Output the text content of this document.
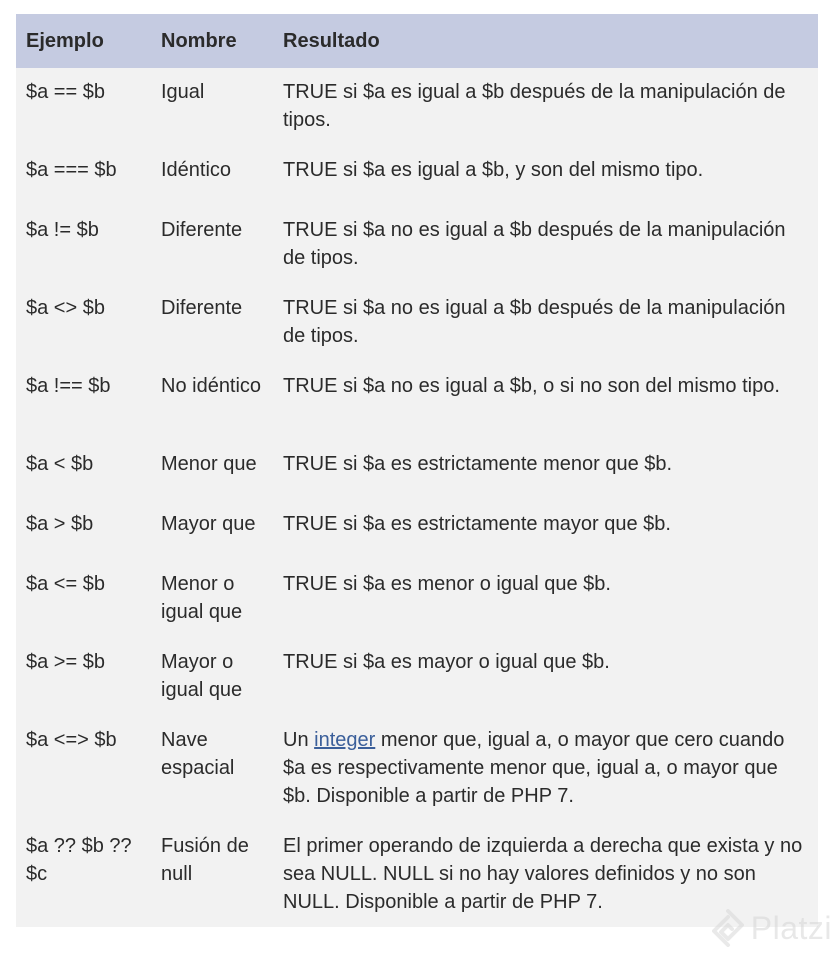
Ejemplo	Nombre	Resultado
$a == $b	Igual	TRUE si $a es igual a $b después de la manipulación de tipos.
$a === $b	Idéntico	TRUE si $a es igual a $b, y son del mismo tipo.
$a != $b	Diferente	TRUE si $a no es igual a $b después de la manipulación de tipos.
$a <> $b	Diferente	TRUE si $a no es igual a $b después de la manipulación de tipos.
$a !== $b	No idéntico	TRUE si $a no es igual a $b, o si no son del mismo tipo.
$a < $b	Menor que	TRUE si $a es estrictamente menor que $b.
$a > $b	Mayor que	TRUE si $a es estrictamente mayor que $b.
$a <= $b	Menor o igual que	TRUE si $a es menor o igual que $b.
$a >= $b	Mayor o igual que	TRUE si $a es mayor o igual que $b.
$a <=> $b	Nave espacial	Un integer menor que, igual a, o mayor que cero cuando $a es respectivamente menor que, igual a, o mayor que $b. Disponible a partir de PHP 7.
$a ?? $b ?? $c	Fusión de null	El primer operando de izquierda a derecha que exista y no sea NULL. NULL si no hay valores definidos y no son NULL. Disponible a partir de PHP 7.
Platzi
